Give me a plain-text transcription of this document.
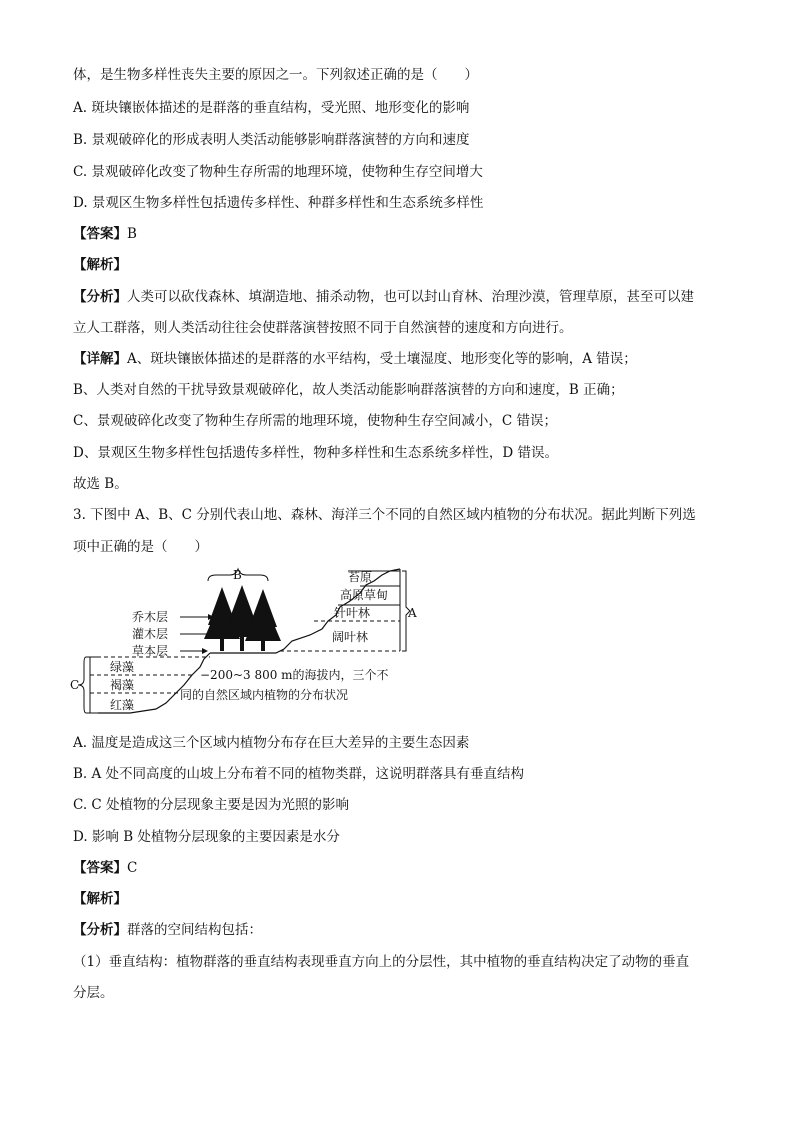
体，是生物多样性丧失主要的原因之一。下列叙述正确的是（　　）
A. 斑块镶嵌体描述的是群落的垂直结构，受光照、地形变化的影响
B. 景观破碎化的形成表明人类活动能够影响群落演替的方向和速度
C. 景观破碎化改变了物种生存所需的地理环境，使物种生存空间增大
D. 景观区生物多样性包括遗传多样性、种群多样性和生态系统多样性
【答案】B
【解析】
【分析】人类可以砍伐森林、填湖造地、捕杀动物，也可以封山育林、治理沙漠，管理草原，甚至可以建
立人工群落，则人类活动往往会使群落演替按照不同于自然演替的速度和方向进行。
【详解】A、斑块镶嵌体描述的是群落的水平结构，受土壤湿度、地形变化等的影响，A 错误；
B、人类对自然的干扰导致景观破碎化，故人类活动能影响群落演替的方向和速度，B 正确；
C、景观破碎化改变了物种生存所需的地理环境，使物种生存空间减小，C 错误；
D、景观区生物多样性包括遗传多样性，物种多样性和生态系统多样性，D 错误。
故选 B。
3. 下图中 A、B、C 分别代表山地、森林、海洋三个不同的自然区域内植物的分布状况。据此判断下列选
项中正确的是（　　）
B
乔木层
灌木层
草本层
苔原
高原草甸
针叶林
阔叶林
A
绿藻
褐藻
红藻
C
−200~3 800 m的海拔内，三个不
同的自然区域内植物的分布状况
A. 温度是造成这三个区域内植物分布存在巨大差异的主要生态因素
B. A 处不同高度的山坡上分布着不同的植物类群，这说明群落具有垂直结构
C. C 处植物的分层现象主要是因为光照的影响
D. 影响 B 处植物分层现象的主要因素是水分
【答案】C
【解析】
【分析】群落的空间结构包括：
（1）垂直结构：植物群落的垂直结构表现垂直方向上的分层性，其中植物的垂直结构决定了动物的垂直
分层。
